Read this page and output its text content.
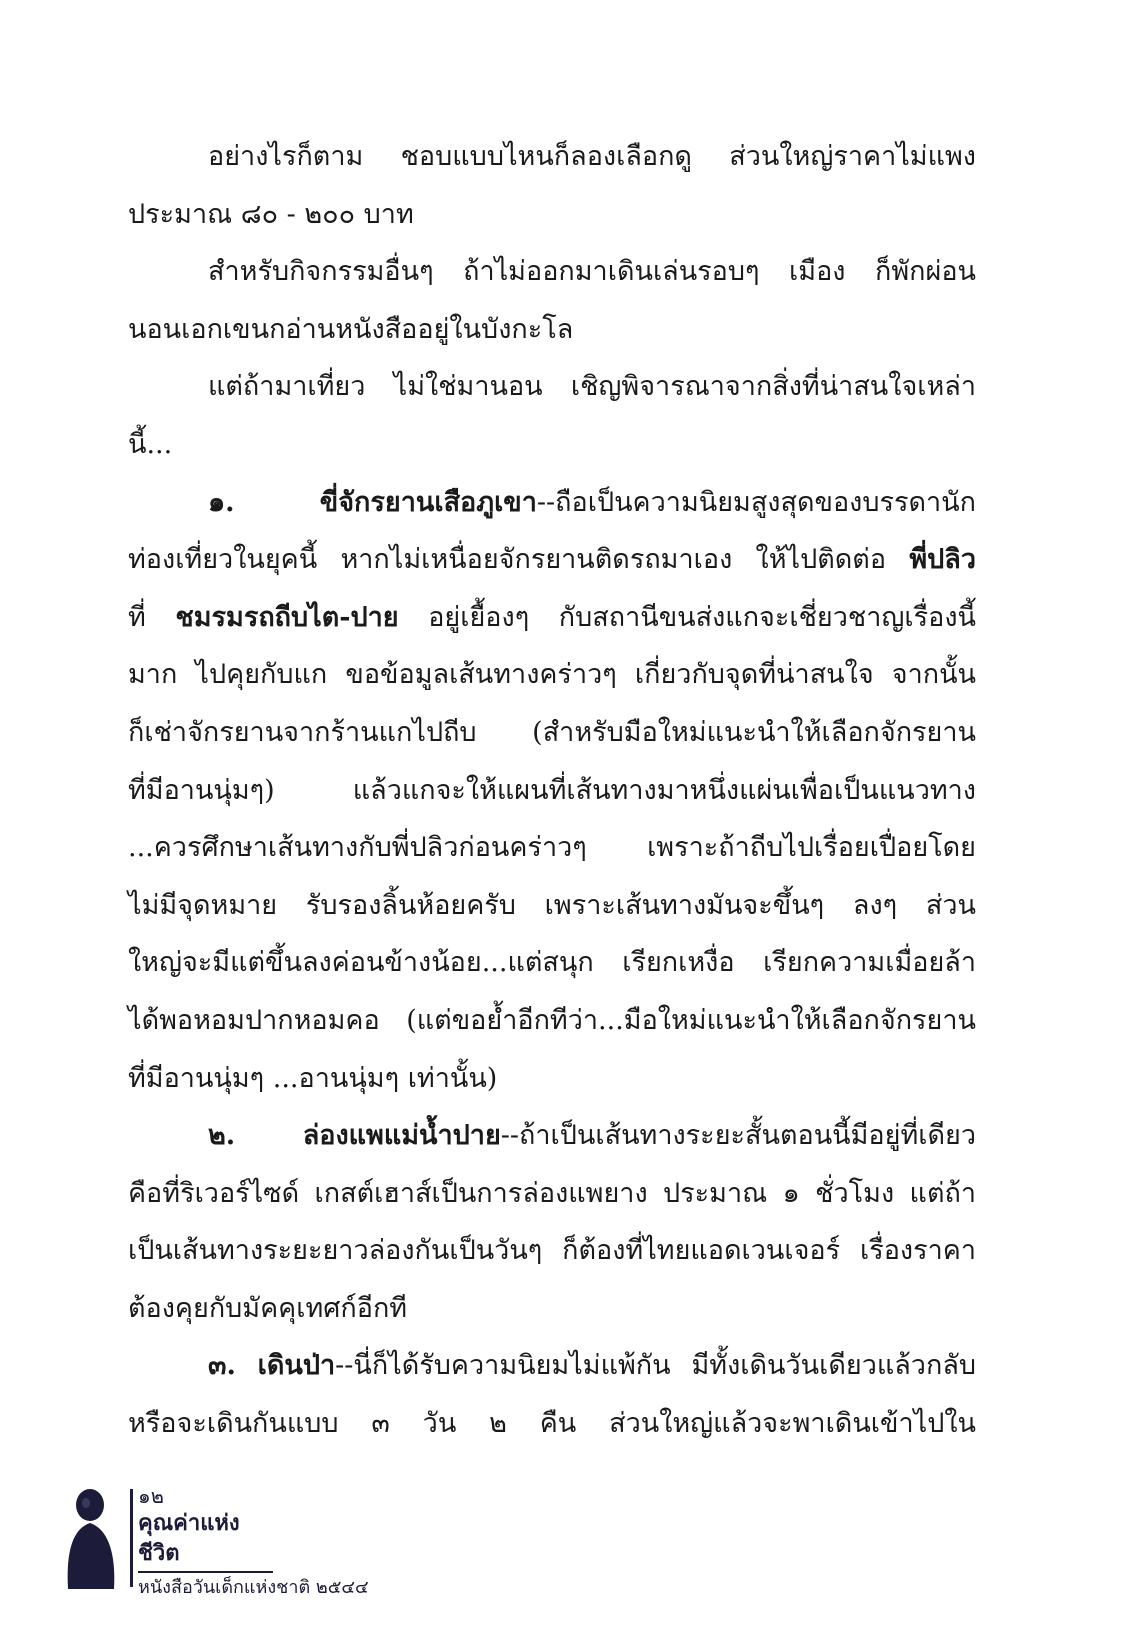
อย่างไรก็ตาม ชอบแบบไหนก็ลองเลือกดู ส่วนใหญ่ราคาไม่แพง
ประมาณ ๘๐ - ๒๐๐ บาท
สำหรับกิจกรรมอื่นๆ ถ้าไม่ออกมาเดินเล่นรอบๆ เมือง ก็พักผ่อน
นอนเอกเขนกอ่านหนังสืออยู่ในบังกะโล
แต่ถ้ามาเที่ยว ไม่ใช่มานอน เชิญพิจารณาจากสิ่งที่น่าสนใจเหล่า
นี้...
๑. ขี่จักรยานเสือภูเขา--ถือเป็นความนิยมสูงสุดของบรรดานัก
ท่องเที่ยวในยุคนี้ หากไม่เหนื่อยจักรยานติดรถมาเอง ให้ไปติดต่อ พี่ปลิว
ที่ ชมรมรถถีบไต-ปาย อยู่เยื้องๆ กับสถานีขนส่งแกจะเชี่ยวชาญเรื่องนี้
มาก ไปคุยกับแก ขอข้อมูลเส้นทางคร่าวๆ เกี่ยวกับจุดที่น่าสนใจ จากนั้น
ก็เช่าจักรยานจากร้านแกไปถีบ (สำหรับมือใหม่แนะนำให้เลือกจักรยาน
ที่มีอานนุ่มๆ) แล้วแกจะให้แผนที่เส้นทางมาหนึ่งแผ่นเพื่อเป็นแนวทาง
...ควรศึกษาเส้นทางกับพี่ปลิวก่อนคร่าวๆ เพราะถ้าถีบไปเรื่อยเปื่อยโดย
ไม่มีจุดหมาย รับรองลิ้นห้อยครับ เพราะเส้นทางมันจะขึ้นๆ ลงๆ ส่วน
ใหญ่จะมีแต่ขึ้นลงค่อนข้างน้อย...แต่สนุก เรียกเหงื่อ เรียกความเมื่อยล้า
ได้พอหอมปากหอมคอ (แต่ขอย้ำอีกทีว่า...มือใหม่แนะนำให้เลือกจักรยาน
ที่มีอานนุ่มๆ ...อานนุ่มๆ เท่านั้น)
๒. ล่องแพแม่น้ำปาย--ถ้าเป็นเส้นทางระยะสั้นตอนนี้มีอยู่ที่เดียว
คือที่ริเวอร์ไซด์ เกสต์เฮาส์เป็นการล่องแพยาง ประมาณ ๑ ชั่วโมง แต่ถ้า
เป็นเส้นทางระยะยาวล่องกันเป็นวันๆ ก็ต้องที่ไทยแอดเวนเจอร์ เรื่องราคา
ต้องคุยกับมัคคุเทศก์อีกที
๓. เดินป่า--นี่ก็ได้รับความนิยมไม่แพ้กัน มีทั้งเดินวันเดียวแล้วกลับ
หรือจะเดินกันแบบ ๓ วัน ๒ คืน ส่วนใหญ่แล้วจะพาเดินเข้าไปใน
๑๒
คุณค่าแห่งชีวิต
หนังสือวันเด็กแห่งชาติ ๒๕๔๔
